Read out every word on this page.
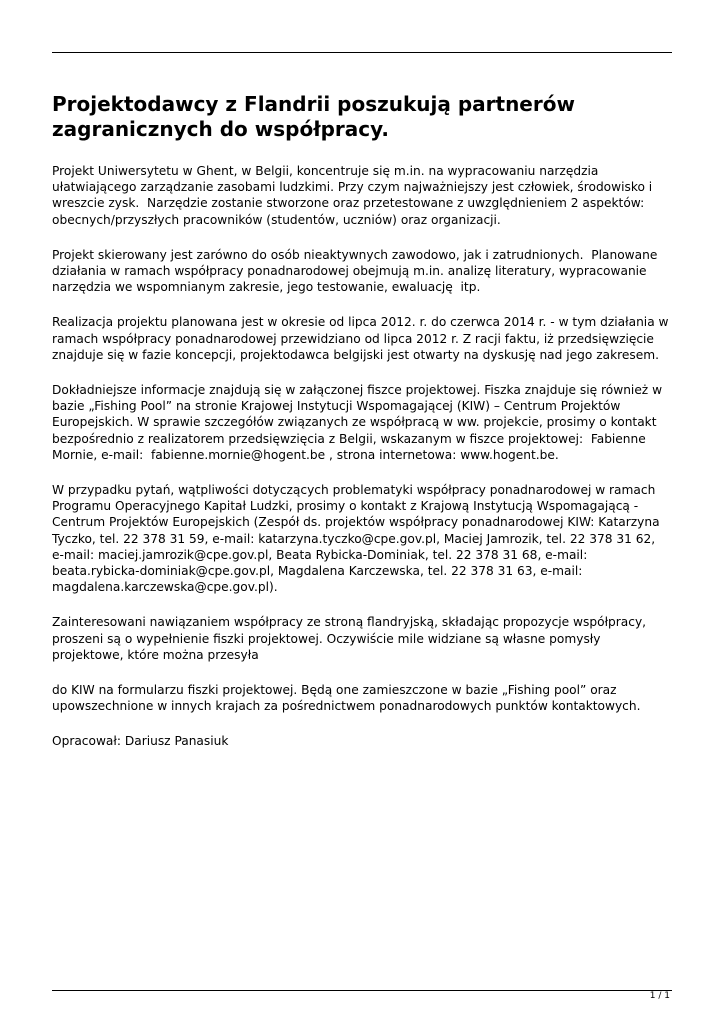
Projektodawcy z Flandrii poszukują partnerów
zagranicznych do współpracy.

Projekt Uniwersytetu w Ghent, w Belgii, koncentruje się m.in. na wypracowaniu narzędzia
ułatwiającego zarządzanie zasobami ludzkimi. Przy czym najważniejszy jest człowiek, środowisko i
wreszcie zysk.  Narzędzie zostanie stworzone oraz przetestowane z uwzględnieniem 2 aspektów:
obecnych/przyszłych pracowników (studentów, uczniów) oraz organizacji.

Projekt skierowany jest zarówno do osób nieaktywnych zawodowo, jak i zatrudnionych.  Planowane
działania w ramach współpracy ponadnarodowej obejmują m.in. analizę literatury, wypracowanie
narzędzia we wspomnianym zakresie, jego testowanie, ewaluację  itp.

Realizacja projektu planowana jest w okresie od lipca 2012. r. do czerwca 2014 r. - w tym działania w
ramach współpracy ponadnarodowej przewidziano od lipca 2012 r. Z racji faktu, iż przedsięwzięcie
znajduje się w fazie koncepcji, projektodawca belgijski jest otwarty na dyskusję nad jego zakresem.

Dokładniejsze informacje znajdują się w załączonej fiszce projektowej. Fiszka znajduje się również w
bazie „Fishing Pool” na stronie Krajowej Instytucji Wspomagającej (KIW) – Centrum Projektów
Europejskich. W sprawie szczegółów związanych ze współpracą w ww. projekcie, prosimy o kontakt
bezpośrednio z realizatorem przedsięwzięcia z Belgii, wskazanym w fiszce projektowej:  Fabienne
Mornie, e-mail:  fabienne.mornie@hogent.be , strona internetowa: www.hogent.be.

W przypadku pytań, wątpliwości dotyczących problematyki współpracy ponadnarodowej w ramach
Programu Operacyjnego Kapitał Ludzki, prosimy o kontakt z Krajową Instytucją Wspomagającą -
Centrum Projektów Europejskich (Zespół ds. projektów współpracy ponadnarodowej KIW: Katarzyna
Tyczko, tel. 22 378 31 59, e-mail: katarzyna.tyczko@cpe.gov.pl, Maciej Jamrozik, tel. 22 378 31 62,
e-mail: maciej.jamrozik@cpe.gov.pl, Beata Rybicka-Dominiak, tel. 22 378 31 68, e-mail:
beata.rybicka-dominiak@cpe.gov.pl, Magdalena Karczewska, tel. 22 378 31 63, e-mail:
magdalena.karczewska@cpe.gov.pl).

Zainteresowani nawiązaniem współpracy ze stroną flandryjską, składając propozycje współpracy,
proszeni są o wypełnienie fiszki projektowej. Oczywiście mile widziane są własne pomysły
projektowe, które można przesyła

do KIW na formularzu fiszki projektowej. Będą one zamieszczone w bazie „Fishing pool” oraz
upowszechnione w innych krajach za pośrednictwem ponadnarodowych punktów kontaktowych.

Opracował: Dariusz Panasiuk

1 / 1
